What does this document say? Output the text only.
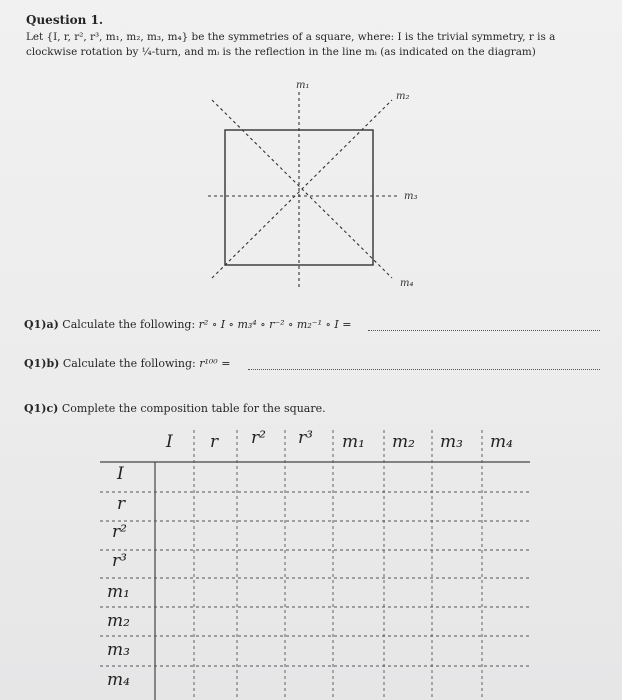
Question 1.
Let {I, r, r², r³, m₁, m₂, m₃, m₄} be the symmetries of a square, where: I is the trivial symmetry, r is a
clockwise rotation by ¼-turn, and mᵢ is the reflection in the line mᵢ (as indicated on the diagram)
m₁
m₂
m₃
m₄
Q1)a) Calculate the following: r² ∘ I ∘ m₃⁴ ∘ r⁻² ∘ m₂⁻¹ ∘ I =
Q1)b) Calculate the following: r¹⁰⁰ =
Q1)c) Complete the composition table for the square.
I r r² r³ m₁ m₂ m₃ m₄
I
r
r²
r³
m₁
m₂
m₃
m₄
